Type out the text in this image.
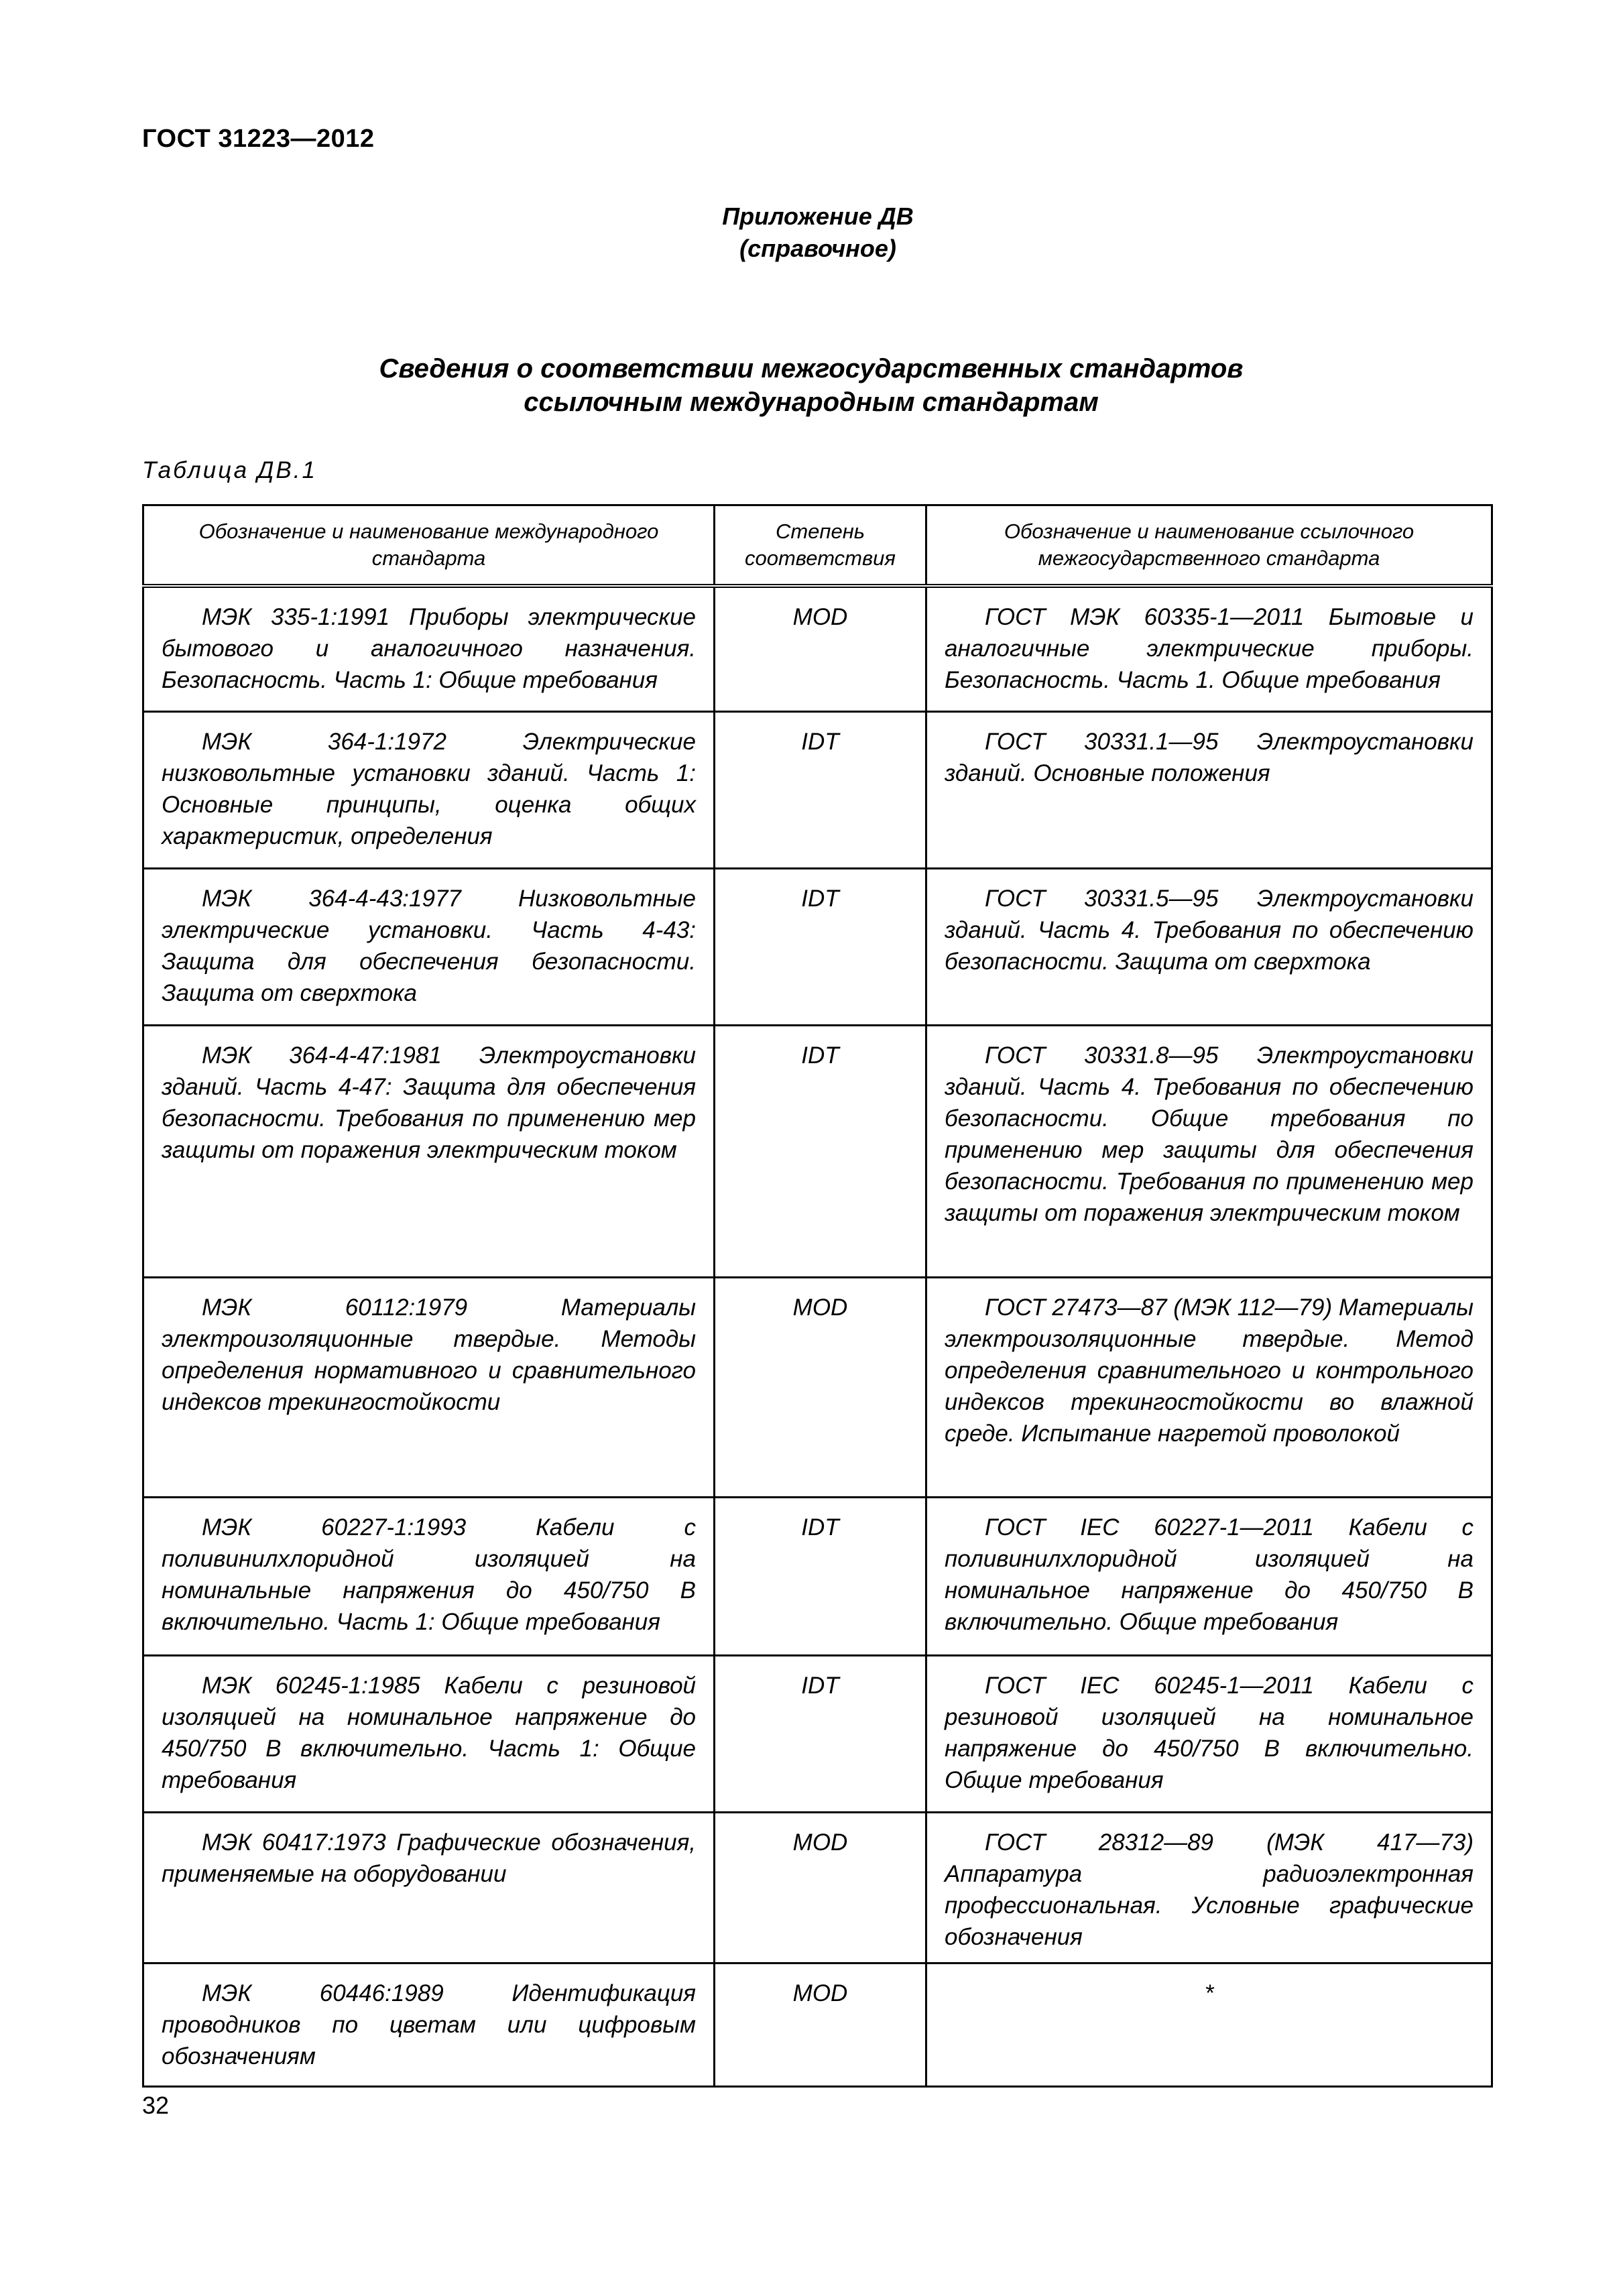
ГОСТ 31223—2012
Приложение ДВ
(справочное)
Сведения о соответствии межгосударственных стандартов
ссылочным международным стандартам
Таблица ДВ.1
Обозначение и наименование международного стандарта	Степень соответствия	Обозначение и наименование ссылочного межгосударственного стандарта
МЭК 335-1:1991 Приборы электрические бытового и аналогичного назначения. Безопасность. Часть 1: Общие требования	MOD	ГОСТ МЭК 60335-1—2011 Бытовые и аналогичные электрические приборы. Безопасность. Часть 1. Общие требования
МЭК 364-1:1972 Электрические низковольтные установки зданий. Часть 1: Основные принципы, оценка общих характеристик, определения	IDT	ГОСТ 30331.1—95 Электроустановки зданий. Основные положения
МЭК 364-4-43:1977 Низковольтные электрические установки. Часть 4-43: Защита для обеспечения безопасности. Защита от сверхтока	IDT	ГОСТ 30331.5—95 Электроустановки зданий. Часть 4. Требования по обеспечению безопасности. Защита от сверхтока
МЭК 364-4-47:1981 Электроустановки зданий. Часть 4-47: Защита для обеспечения безопасности. Требования по применению мер защиты от поражения электрическим током	IDT	ГОСТ 30331.8—95 Электроустановки зданий. Часть 4. Требования по обеспечению безопасности. Общие требования по применению мер защиты для обеспечения безопасности. Требования по применению мер защиты от поражения электрическим током
МЭК 60112:1979 Материалы электроизоляционные твердые. Методы определения нормативного и сравнительного индексов трекингостойкости	MOD	ГОСТ 27473—87 (МЭК 112—79) Материалы электроизоляционные твердые. Метод определения сравнительного и контрольного индексов трекингостойкости во влажной среде. Испытание нагретой проволокой
МЭК 60227-1:1993 Кабели с поливинилхлоридной изоляцией на номинальные напряжения до 450/750 В включительно. Часть 1: Общие требования	IDT	ГОСТ IEC 60227-1—2011 Кабели с поливинилхлоридной изоляцией на номинальное напряжение до 450/750 В включительно. Общие требования
МЭК 60245-1:1985 Кабели с резиновой изоляцией на номинальное напряжение до 450/750 В включительно. Часть 1: Общие требования	IDT	ГОСТ IEC 60245-1—2011 Кабели с резиновой изоляцией на номинальное напряжение до 450/750 В включительно. Общие требования
МЭК 60417:1973 Графические обозначения, применяемые на оборудовании	MOD	ГОСТ 28312—89 (МЭК 417—73) Аппаратура радиоэлектронная профессиональная. Условные графические обозначения
МЭК 60446:1989 Идентификация проводников по цветам или цифровым обозначениям	MOD	*
32
